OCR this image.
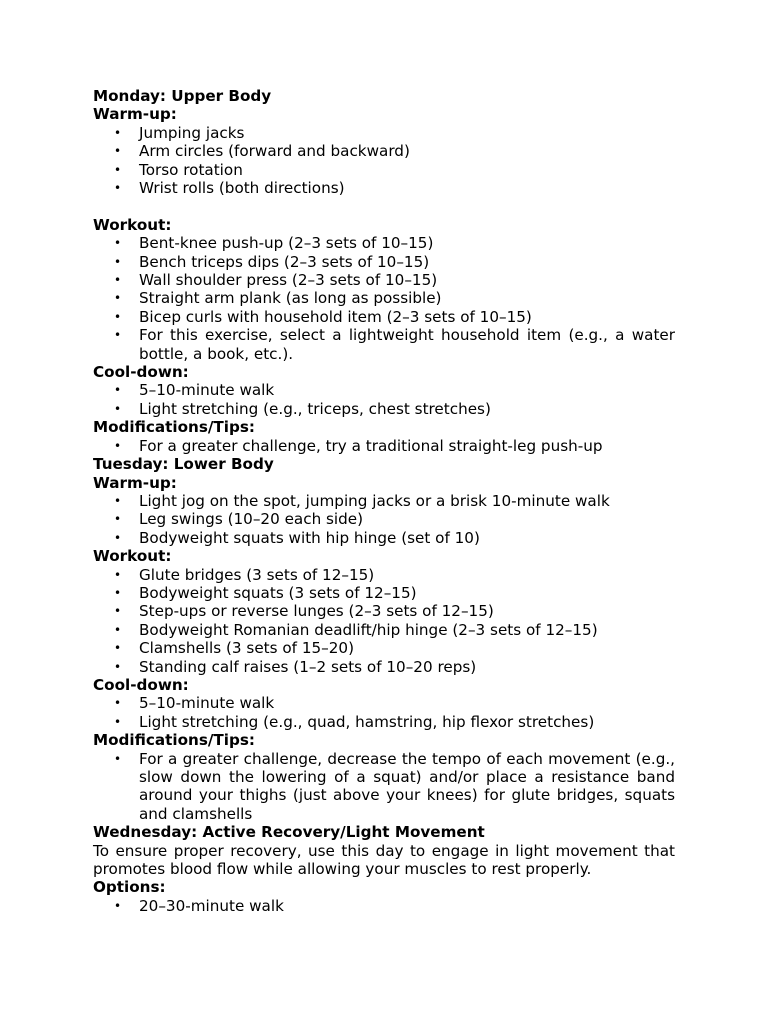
Monday: Upper Body

Warm-up:

• Jumping jacks
• Arm circles (forward and backward)
• Torso rotation
• Wrist rolls (both directions)

Workout:

• Bent-knee push-up (2–3 sets of 10–15)
• Bench triceps dips (2–3 sets of 10–15)
• Wall shoulder press (2–3 sets of 10–15)
• Straight arm plank (as long as possible)
• Bicep curls with household item (2–3 sets of 10–15)
• For this exercise, select a lightweight household item (e.g., a water bottle, a book, etc.).

Cool-down:

• 5–10-minute walk
• Light stretching (e.g., triceps, chest stretches)

Modifications/Tips:

• For a greater challenge, try a traditional straight-leg push-up

Tuesday: Lower Body

Warm-up:

• Light jog on the spot, jumping jacks or a brisk 10-minute walk
• Leg swings (10–20 each side)
• Bodyweight squats with hip hinge (set of 10)

Workout:

• Glute bridges (3 sets of 12–15)
• Bodyweight squats (3 sets of 12–15)
• Step-ups or reverse lunges (2–3 sets of 12–15)
• Bodyweight Romanian deadlift/hip hinge (2–3 sets of 12–15)
• Clamshells (3 sets of 15–20)
• Standing calf raises (1–2 sets of 10–20 reps)

Cool-down:

• 5–10-minute walk
• Light stretching (e.g., quad, hamstring, hip flexor stretches)

Modifications/Tips:

• For a greater challenge, decrease the tempo of each movement (e.g., slow down the lowering of a squat) and/or place a resistance band around your thighs (just above your knees) for glute bridges, squats and clamshells

Wednesday: Active Recovery/Light Movement

To ensure proper recovery, use this day to engage in light movement that promotes blood flow while allowing your muscles to rest properly.

Options:

• 20–30-minute walk
